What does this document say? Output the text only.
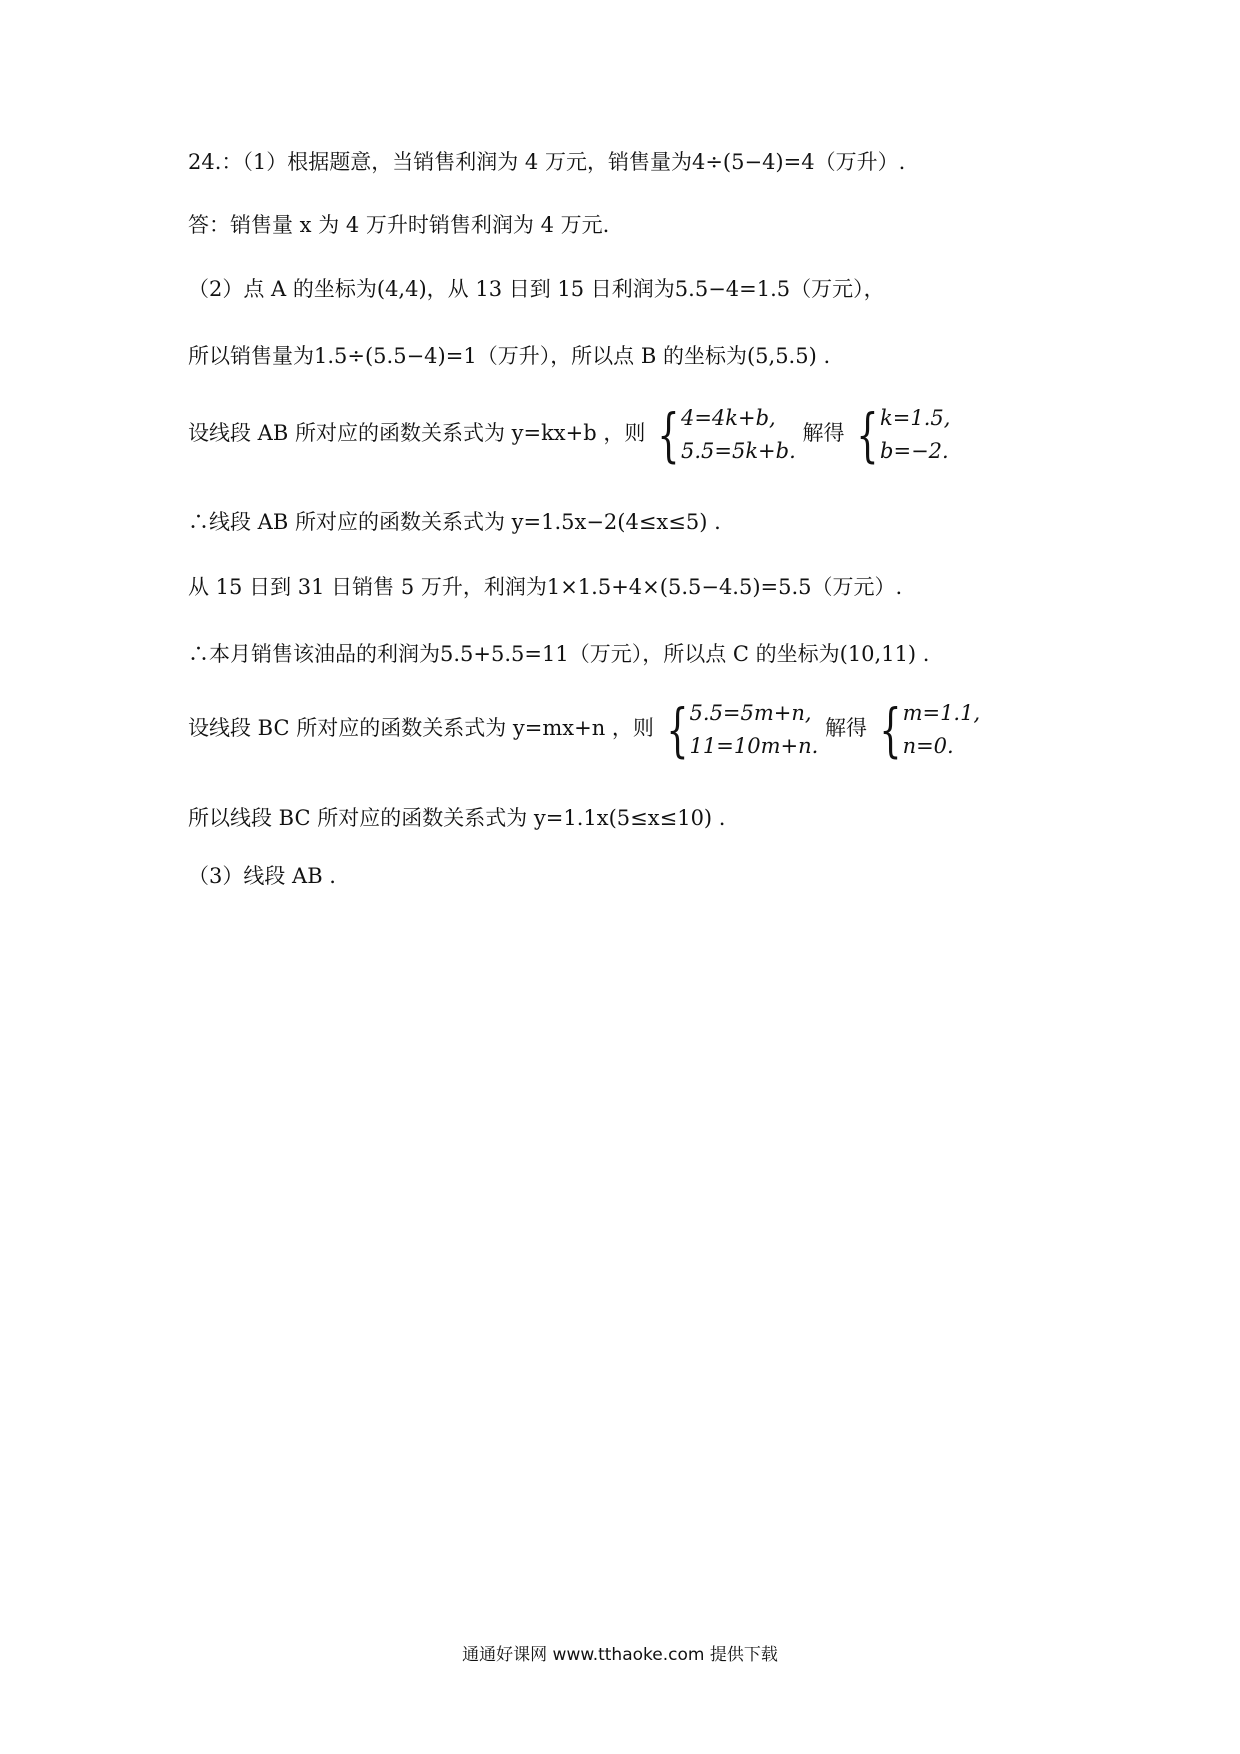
24.：（1）根据题意，当销售利润为 4 万元，销售量为4÷(5−4)=4（万升）.
答：销售量 x 为 4 万升时销售利润为 4 万元.
（2）点 A 的坐标为(4,4)，从 13 日到 15 日利润为5.5−4=1.5（万元），
所以销售量为1.5÷(5.5−4)=1（万升），所以点 B 的坐标为(5,5.5) .
设线段 AB 所对应的函数关系式为 y=kx+b ，则 { 4=4k+b,
5.5=5k+b.
解得 { k=1.5,
b=−2.
∴线段 AB 所对应的函数关系式为 y=1.5x−2(4≤x≤5) .
从 15 日到 31 日销售 5 万升，利润为1×1.5+4×(5.5−4.5)=5.5（万元）.
∴本月销售该油品的利润为5.5+5.5=11（万元），所以点 C 的坐标为(10,11) .
设线段 BC 所对应的函数关系式为 y=mx+n ，则 { 5.5=5m+n,
11=10m+n.
解得 { m=1.1,
n=0.
所以线段 BC 所对应的函数关系式为 y=1.1x(5≤x≤10) .
（3）线段 AB .
通通好课网 www.tthaoke.com 提供下载
